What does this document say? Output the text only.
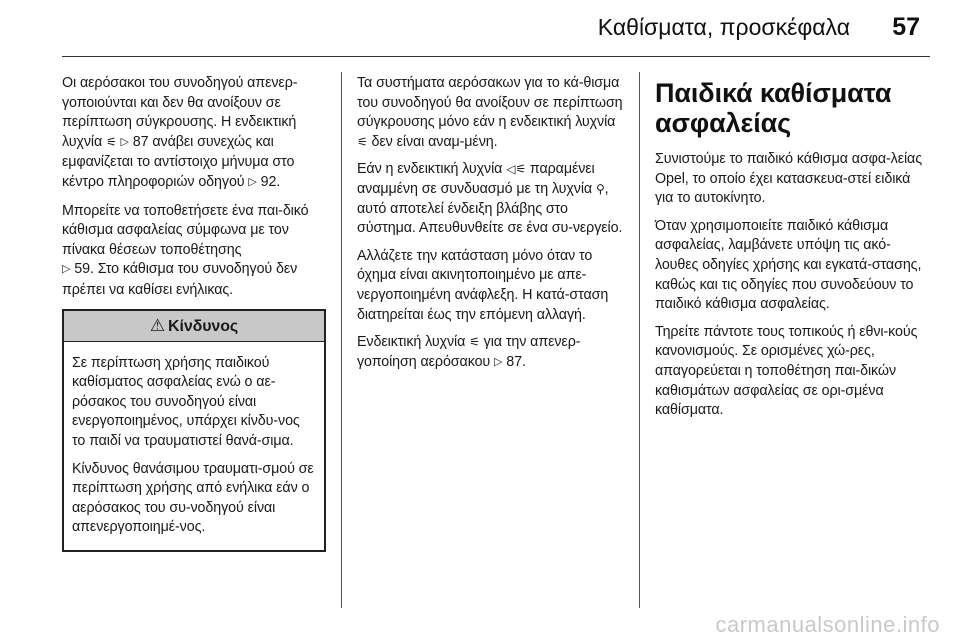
Καθίσματα, προσκέφαλα 57

Οι αερόσακοι του συνοδηγού απενερ‐γοποιούνται και δεν θα ανοίξουν σε περίπτωση σύγκρουσης. Η ενδεικτική λυχνία ⚟ ▷ 87 ανάβει συνεχώς και εμφανίζεται το αντίστοιχο μήνυμα στο κέντρο πληροφοριών οδηγού ▷ 92.

Μπορείτε να τοποθετήσετε ένα παι‐δικό κάθισμα ασφαλείας σύμφωνα με τον πίνακα θέσεων τοποθέτησης
▷ 59. Στο κάθισμα του συνοδηγού δεν πρέπει να καθίσει ενήλικας.

⚠ Κίνδυνος

Σε περίπτωση χρήσης παιδικού καθίσματος ασφαλείας ενώ ο αε‐ρόσακος του συνοδηγού είναι ενεργοποιημένος, υπάρχει κίνδυ‐νος το παιδί να τραυματιστεί θανά‐σιμα.

Κίνδυνος θανάσιμου τραυματι‐σμού σε περίπτωση χρήσης από ενήλικα εάν ο αερόσακος του συ‐νοδηγού είναι απενεργοποιημέ‐νος.

Τα συστήματα αερόσακων για το κά‐θισμα του συνοδηγού θα ανοίξουν σε περίπτωση σύγκρουσης μόνο εάν η ενδεικτική λυχνία ⚟ δεν είναι αναμ‐μένη.

Εάν η ενδεικτική λυχνία ◁⚟ παραμένει αναμμένη σε συνδυασμό με τη λυχνία ⚲, αυτό αποτελεί ένδειξη βλάβης στο σύστημα. Απευθυνθείτε σε ένα συ‐νεργείο.

Αλλάζετε την κατάσταση μόνο όταν το όχημα είναι ακινητοποιημένο με απε‐νεργοποιημένη ανάφλεξη. Η κατά‐σταση διατηρείται έως την επόμενη αλλαγή.

Ενδεικτική λυχνία ⚟ για την απενερ‐γοποίηση αερόσακου ▷ 87.

Παιδικά καθίσματα ασφαλείας

Συνιστούμε το παιδικό κάθισμα ασφα‐λείας Opel, το οποίο έχει κατασκευα‐στεί ειδικά για το αυτοκίνητο.

Όταν χρησιμοποιείτε παιδικό κάθισμα ασφαλείας, λαμβάνετε υπόψη τις ακό‐λουθες οδηγίες χρήσης και εγκατά‐στασης, καθώς και τις οδηγίες που συνοδεύουν το παιδικό κάθισμα ασφαλείας.

Τηρείτε πάντοτε τους τοπικούς ή εθνι‐κούς κανονισμούς. Σε ορισμένες χώ‐ρες, απαγορεύεται η τοποθέτηση παι‐δικών καθισμάτων ασφαλείας σε ορι‐σμένα καθίσματα.

carmanualsonline.info
